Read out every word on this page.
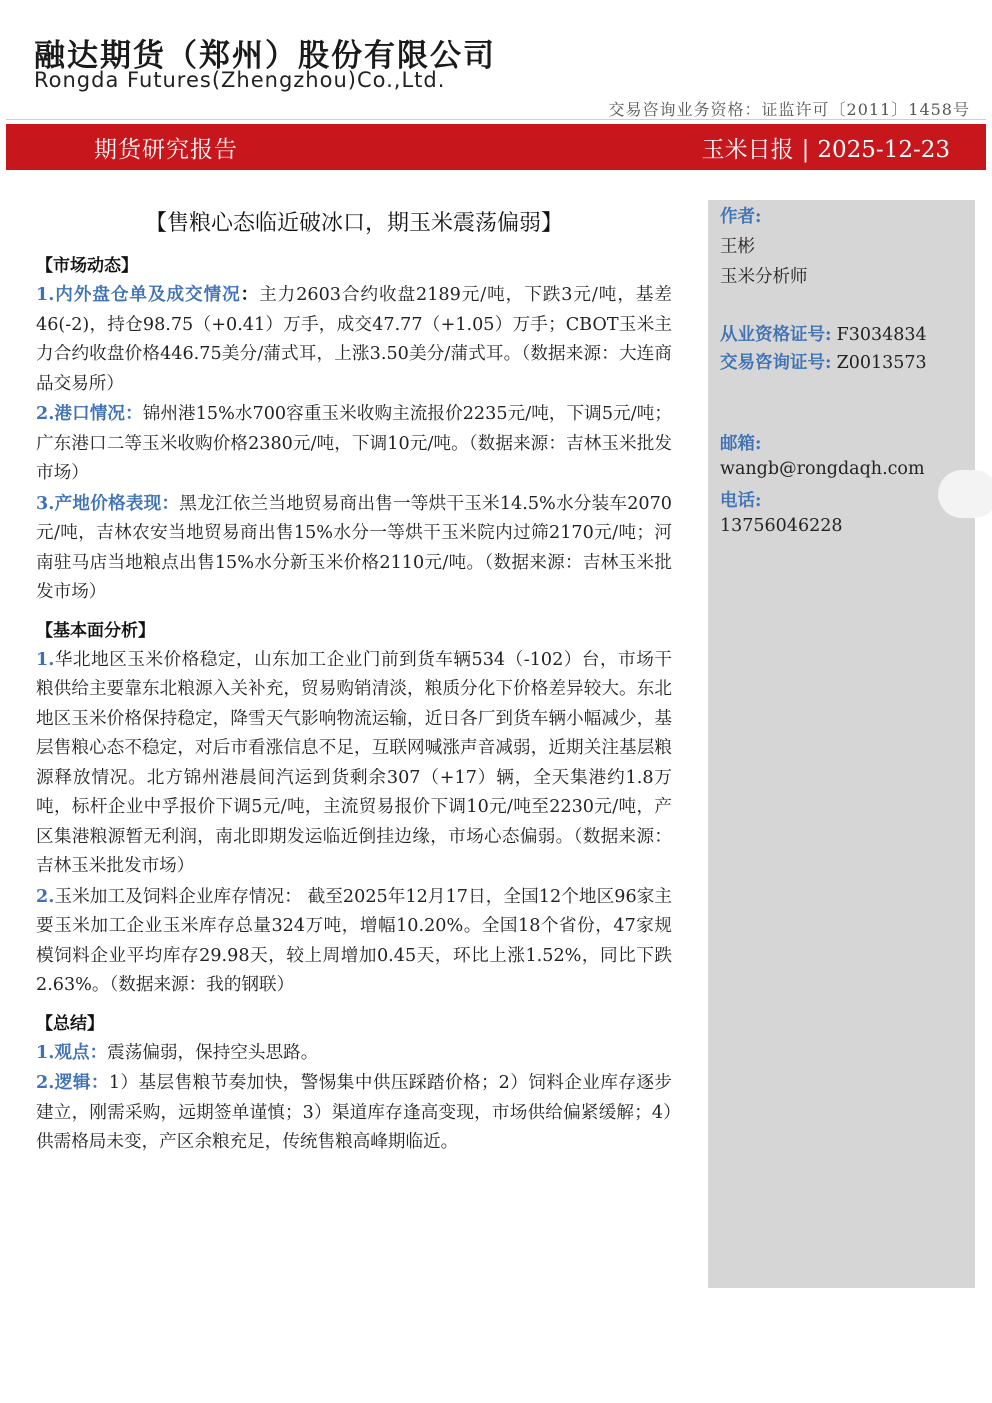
融达期货（郑州）股份有限公司
Rongda Futures(Zhengzhou)Co.,Ltd.
交易咨询业务资格：证监许可〔2011〕1458号
期货研究报告	玉米日报 | 2025-12-23
【售粮心态临近破冰口，期玉米震荡偏弱】
【市场动态】

1.内外盘仓单及成交情况：主力2603合约收盘2189元/吨，下跌3元/吨，基差46(-2)，持仓98.75（+0.41）万手，成交47.77（+1.05）万手；CBOT玉米主力合约收盘价格446.75美分/蒲式耳，上涨3.50美分/蒲式耳。（数据来源：大连商品交易所）

2.港口情况：锦州港15%水700容重玉米收购主流报价2235元/吨，下调5元/吨；广东港口二等玉米收购价格2380元/吨，下调10元/吨。（数据来源：吉林玉米批发市场）

3.产地价格表现：黑龙江依兰当地贸易商出售一等烘干玉米14.5%水分装车2070元/吨，吉林农安当地贸易商出售15%水分一等烘干玉米院内过筛2170元/吨；河南驻马店当地粮点出售15%水分新玉米价格2110元/吨。（数据来源：吉林玉米批发市场）

【基本面分析】

1.华北地区玉米价格稳定，山东加工企业门前到货车辆534（-102）台，市场干粮供给主要靠东北粮源入关补充，贸易购销清淡，粮质分化下价格差异较大。东北地区玉米价格保持稳定，降雪天气影响物流运输，近日各厂到货车辆小幅减少，基层售粮心态不稳定，对后市看涨信息不足，互联网喊涨声音减弱，近期关注基层粮源释放情况。北方锦州港晨间汽运到货剩余307（+17）辆，全天集港约1.8万吨，标杆企业中孚报价下调5元/吨，主流贸易报价下调10元/吨至2230元/吨，产区集港粮源暂无利润，南北即期发运临近倒挂边缘，市场心态偏弱。（数据来源：吉林玉米批发市场）

2.玉米加工及饲料企业库存情况： 截至2025年12月17日，全国12个地区96家主要玉米加工企业玉米库存总量324万吨，增幅10.20%。全国18个省份，47家规模饲料企业平均库存29.98天，较上周增加0.45天，环比上涨1.52%，同比下跌2.63%。（数据来源：我的钢联）

【总结】

1.观点：震荡偏弱，保持空头思路。

2.逻辑：1）基层售粮节奏加快，警惕集中供压踩踏价格；2）饲料企业库存逐步建立，刚需采购，远期签单谨慎；3）渠道库存逢高变现，市场供给偏紧缓解；4）供需格局未变，产区余粮充足，传统售粮高峰期临近。

作者:
王彬
玉米分析师
从业资格证号: F3034834
交易咨询证号: Z0013573
邮箱:
wangb@rongdaqh.com
电话:
13756046228
